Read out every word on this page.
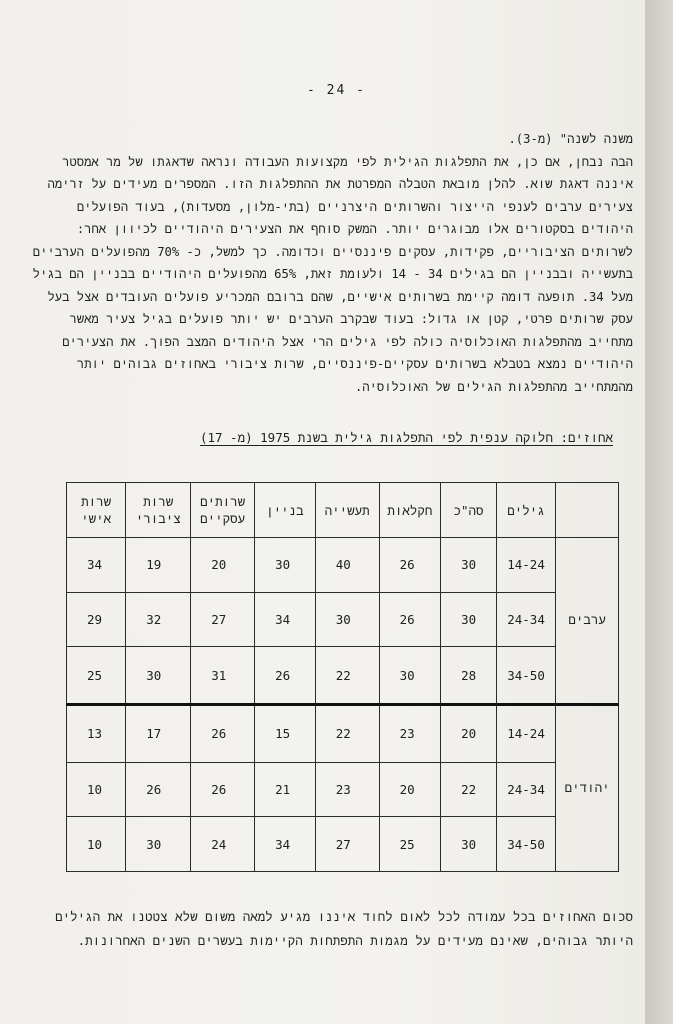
- 24 -

משנה לשנה" (מ-3).

הבה נבחן, אם כן, את התפלגות הגילית לפי מקצועות העבודה ונראה שדאגתו של מר אמסטר

איננה דאגת שוא. להלן מובאת הטבלה המפרטת את ההתפלגות הזו. המספרים מעידים על זרימה

צעירים ערבים לענפי הייצור והשרותים היצרניים (בתי-מלון, מסעדות), בעוד הפועלים

היהודים בסקטורים אלו מבוגרים יותר. המשק סוחף את הצעירים היהודיים לכיוון אחר:

לשרותים הציבוריים, פקידות, עסקים פיננסיים וכדומה. כך למשל, כ- 70% מהפועלים הערביים

בתעשייה ובבניין הם בגילים 34 - 14 ולעומת זאת, 65% מהפועלים היהודיים בבניין הם בגיל

מעל 34. תופעה דומה קיימת בשרותים אישיים, שהם ברובם המכריע פועלים העובדים אצל בעל

עסק שרותים פרטי, קטן או גדול: בעוד שבקרב הערבים יש יותר פועלים בגיל צעיר מאשר

מתחייב מהתפלגות האוכלוסיה כולה לפי גילים הרי אצל היהודים המצב הפוך. את הצעירים

היהודיים נמצא בטבלא בשרותים עסקיים-פיננסיים, שרות ציבורי באחוזים גבוהים יותר

מהמתחייב מהתפלגות הגילים של האוכלוסיה.

אחוזים: חלוקה ענפית לפי התפלגות גילית בשנת 1975 (מ- 17)
	גילים	סה"כ	חקלאות	תעשייה	בניין	שרותים עסקיים	שרות ציבורי	שרות אישי
ערבים	14-24	30	26	40	30	20	19	34
	24-34	30	26	30	34	27	32	29
	34-50	28	30	22	26	31	30	25
יהודים	14-24	20	23	22	15	26	17	13
	24-34	22	20	23	21	26	26	10
	34-50	30	25	27	34	24	30	10

סכום האחוזים בכל עמודה לכל לאום לחוד איננו מגיע למאה משום שלא צטטנו את הגילים

היותר גבוהים, שאינם מעידים על מגמות התפתחות הקיימות בעשרים השנים האחרונות.
